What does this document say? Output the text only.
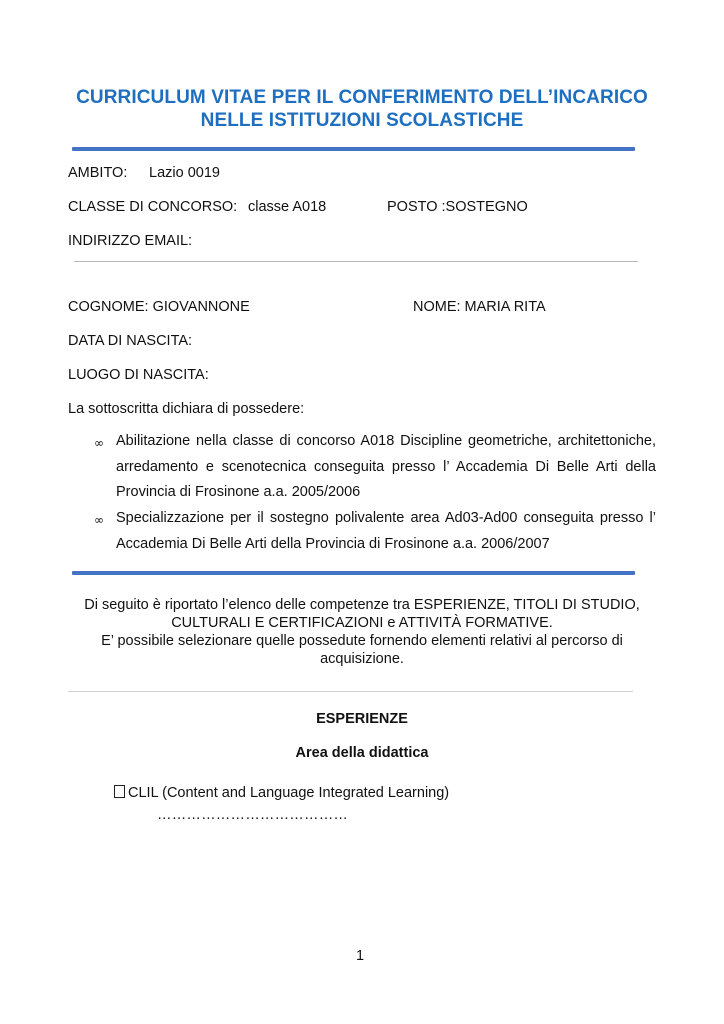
CURRICULUM VITAE PER IL CONFERIMENTO DELL’INCARICO
NELLE ISTITUZIONI SCOLASTICHE
AMBITO: Lazio 0019
CLASSE DI CONCORSO: classe A018	POSTO :SOSTEGNO
INDIRIZZO EMAIL:
COGNOME: GIOVANNONE	NOME: MARIA RITA
DATA DI NASCITA:
LUOGO DI NASCITA:
La sottoscritta dichiara di possedere:
∞ Abilitazione nella classe di concorso A018 Discipline geometriche, architettoniche, arredamento e scenotecnica conseguita presso l’ Accademia Di Belle Arti della Provincia di Frosinone a.a. 2005/2006
∞ Specializzazione per il sostegno polivalente area Ad03-Ad00 conseguita presso l’ Accademia Di Belle Arti della Provincia di Frosinone a.a. 2006/2007
Di seguito è riportato l’elenco delle competenze tra ESPERIENZE, TITOLI DI STUDIO,
CULTURALI E CERTIFICAZIONI e ATTIVITÀ FORMATIVE.
E’ possibile selezionare quelle possedute fornendo elementi relativi al percorso di
acquisizione.
ESPERIENZE
Area della didattica
CLIL (Content and Language Integrated Learning)
…………………………………
1
